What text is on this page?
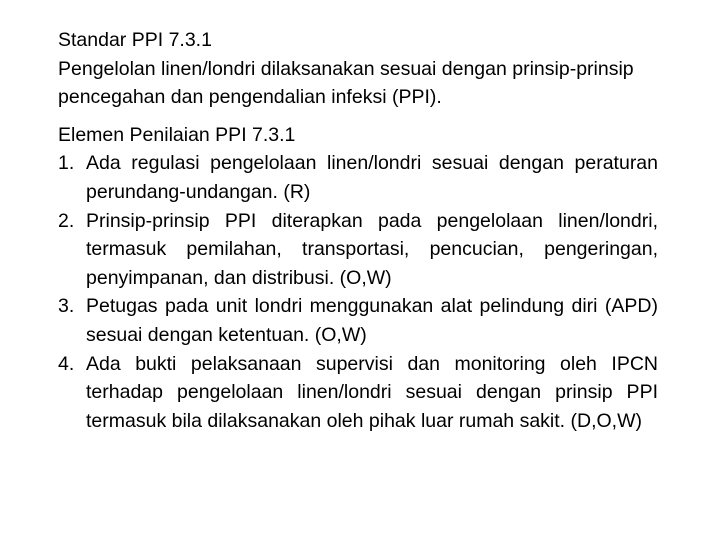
Standar PPI 7.3.1

Pengelolan linen/londri dilaksanakan sesuai dengan prinsip-prinsip pencegahan dan pengendalian infeksi (PPI).

Elemen Penilaian PPI 7.3.1

1. Ada regulasi pengelolaan linen/londri sesuai dengan peraturan perundang-undangan. (R)
2. Prinsip-prinsip PPI diterapkan pada pengelolaan linen/londri, termasuk pemilahan, transportasi, pencucian, pengeringan, penyimpanan, dan distribusi. (O,W)
3. Petugas pada unit londri menggunakan alat pelindung diri (APD) sesuai dengan ketentuan. (O,W)
4. Ada bukti pelaksanaan supervisi dan monitoring oleh IPCN terhadap pengelolaan linen/londri sesuai dengan prinsip PPI termasuk bila dilaksanakan oleh pihak luar rumah sakit. (D,O,W)
